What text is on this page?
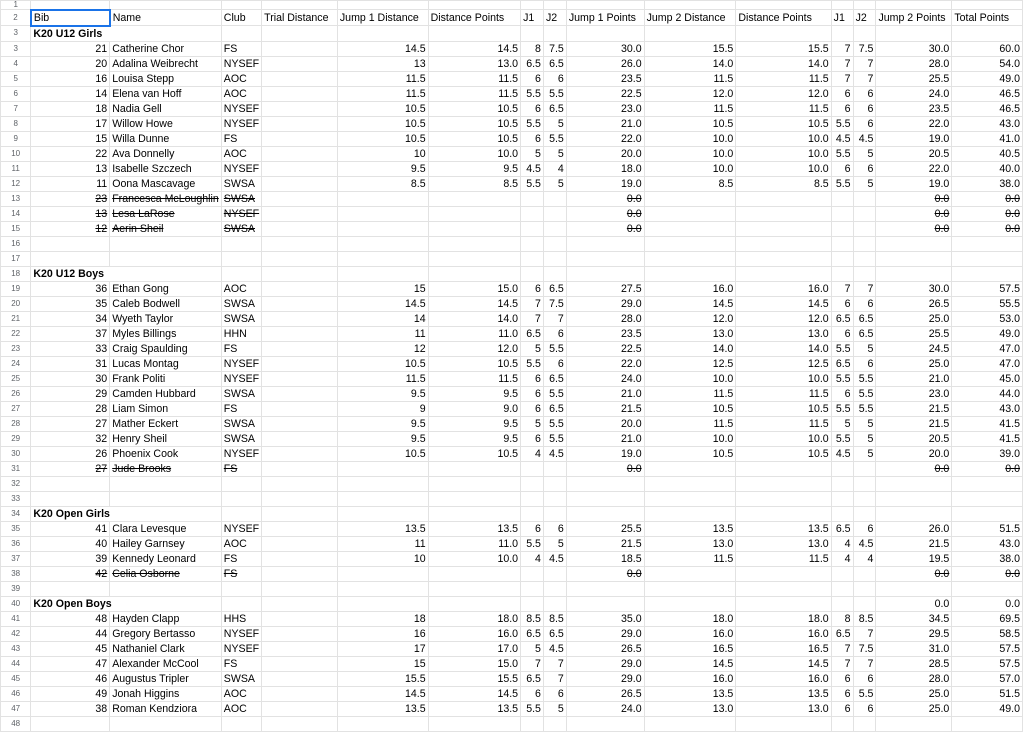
1															
2	Bib	Name	Club	Trial Distance	Jump 1 Distance	Distance Points	J1	J2	Jump 1 Points	Jump 2 Distance	Distance Points	J1	J2	Jump 2 Points	Total Points
3	K20 U12 Girls														
3	21	Catherine Chor	FS		14.5	14.5	8	7.5	30.0	15.5	15.5	7	7.5	30.0	60.0
4	20	Adalina Weibrecht	NYSEF		13	13.0	6.5	6.5	26.0	14.0	14.0	7	7	28.0	54.0
5	16	Louisa Stepp	AOC		11.5	11.5	6	6	23.5	11.5	11.5	7	7	25.5	49.0
6	14	Elena van Hoff	AOC		11.5	11.5	5.5	5.5	22.5	12.0	12.0	6	6	24.0	46.5
7	18	Nadia Gell	NYSEF		10.5	10.5	6	6.5	23.0	11.5	11.5	6	6	23.5	46.5
8	17	Willow Howe	NYSEF		10.5	10.5	5.5	5	21.0	10.5	10.5	5.5	6	22.0	43.0
9	15	Willa Dunne	FS		10.5	10.5	6	5.5	22.0	10.0	10.0	4.5	4.5	19.0	41.0
10	22	Ava Donnelly	AOC		10	10.0	5	5	20.0	10.0	10.0	5.5	5	20.5	40.5
11	13	Isabelle Szczech	NYSEF		9.5	9.5	4.5	4	18.0	10.0	10.0	6	6	22.0	40.0
12	11	Oona Mascavage	SWSA		8.5	8.5	5.5	5	19.0	8.5	8.5	5.5	5	19.0	38.0
13	23	Francesca McLoughlin	SWSA						0.0					0.0	0.0
14	13	Lesa LaRose	NYSEF						0.0					0.0	0.0
15	12	Aerin Sheil	SWSA						0.0					0.0	0.0
16															
17															
18	K20 U12 Boys														
19	36	Ethan Gong	AOC		15	15.0	6	6.5	27.5	16.0	16.0	7	7	30.0	57.5
20	35	Caleb Bodwell	SWSA		14.5	14.5	7	7.5	29.0	14.5	14.5	6	6	26.5	55.5
21	34	Wyeth Taylor	SWSA		14	14.0	7	7	28.0	12.0	12.0	6.5	6.5	25.0	53.0
22	37	Myles Billings	HHN		11	11.0	6.5	6	23.5	13.0	13.0	6	6.5	25.5	49.0
23	33	Craig Spaulding	FS		12	12.0	5	5.5	22.5	14.0	14.0	5.5	5	24.5	47.0
24	31	Lucas Montag	NYSEF		10.5	10.5	5.5	6	22.0	12.5	12.5	6.5	6	25.0	47.0
25	30	Frank Politi	NYSEF		11.5	11.5	6	6.5	24.0	10.0	10.0	5.5	5.5	21.0	45.0
26	29	Camden Hubbard	SWSA		9.5	9.5	6	5.5	21.0	11.5	11.5	6	5.5	23.0	44.0
27	28	Liam Simon	FS		9	9.0	6	6.5	21.5	10.5	10.5	5.5	5.5	21.5	43.0
28	27	Mather Eckert	SWSA		9.5	9.5	5	5.5	20.0	11.5	11.5	5	5	21.5	41.5
29	32	Henry Sheil	SWSA		9.5	9.5	6	5.5	21.0	10.0	10.0	5.5	5	20.5	41.5
30	26	Phoenix Cook	NYSEF		10.5	10.5	4	4.5	19.0	10.5	10.5	4.5	5	20.0	39.0
31	27	Jude Brooks	FS						0.0					0.0	0.0
32															
33															
34	K20 Open Girls														
35	41	Clara Levesque	NYSEF		13.5	13.5	6	6	25.5	13.5	13.5	6.5	6	26.0	51.5
36	40	Hailey Garnsey	AOC		11	11.0	5.5	5	21.5	13.0	13.0	4	4.5	21.5	43.0
37	39	Kennedy Leonard	FS		10	10.0	4	4.5	18.5	11.5	11.5	4	4	19.5	38.0
38	42	Celia Osborne	FS						0.0					0.0	0.0
39															
40	K20 Open Boys													0.0	0.0
41	48	Hayden Clapp	HHS		18	18.0	8.5	8.5	35.0	18.0	18.0	8	8.5	34.5	69.5
42	44	Gregory Bertasso	NYSEF		16	16.0	6.5	6.5	29.0	16.0	16.0	6.5	7	29.5	58.5
43	45	Nathaniel Clark	NYSEF		17	17.0	5	4.5	26.5	16.5	16.5	7	7.5	31.0	57.5
44	47	Alexander McCool	FS		15	15.0	7	7	29.0	14.5	14.5	7	7	28.5	57.5
45	46	Augustus Tripler	SWSA		15.5	15.5	6.5	7	29.0	16.0	16.0	6	6	28.0	57.0
46	49	Jonah Higgins	AOC		14.5	14.5	6	6	26.5	13.5	13.5	6	5.5	25.0	51.5
47	38	Roman Kendziora	AOC		13.5	13.5	5.5	5	24.0	13.0	13.0	6	6	25.0	49.0
48															
